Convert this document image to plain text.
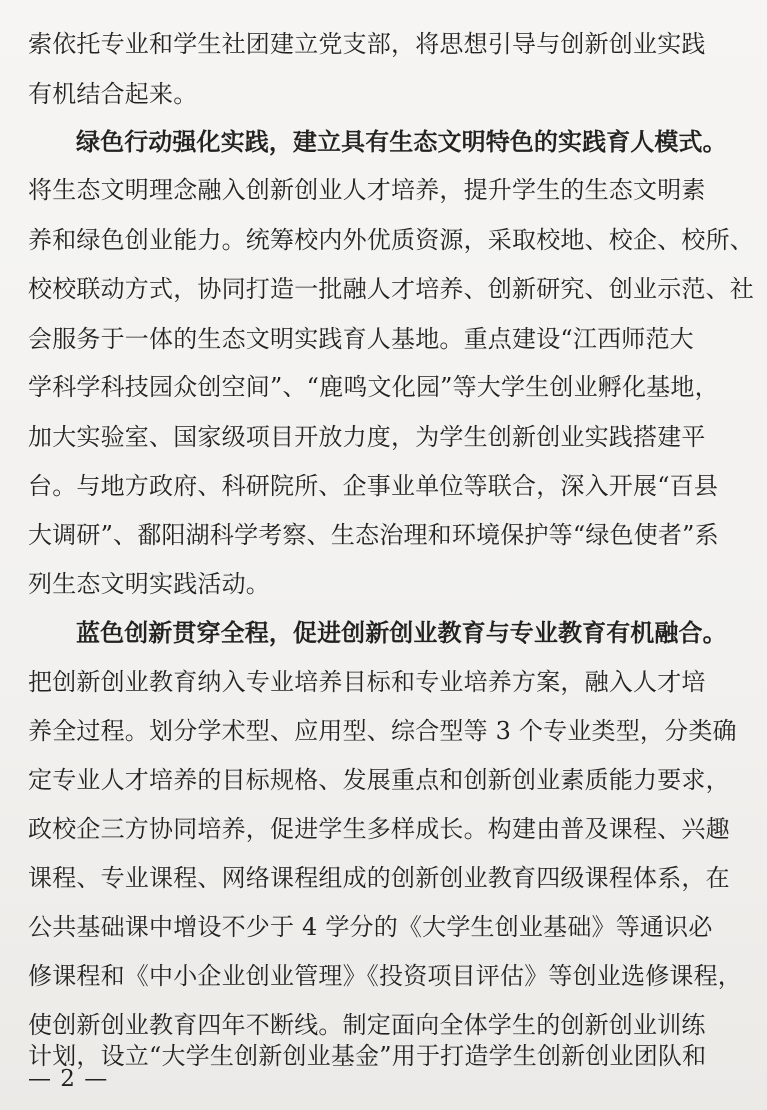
索依托专业和学生社团建立党支部，将思想引导与创新创业实践
有机结合起来。
绿色行动强化实践，建立具有生态文明特色的实践育人模式。
将生态文明理念融入创新创业人才培养，提升学生的生态文明素
养和绿色创业能力。统筹校内外优质资源，采取校地、校企、校所、
校校联动方式，协同打造一批融人才培养、创新研究、创业示范、社
会服务于一体的生态文明实践育人基地。重点建设“江西师范大
学科学科技园众创空间”、“鹿鸣文化园”等大学生创业孵化基地，
加大实验室、国家级项目开放力度，为学生创新创业实践搭建平
台。与地方政府、科研院所、企事业单位等联合，深入开展“百县
大调研”、鄱阳湖科学考察、生态治理和环境保护等“绿色使者”系
列生态文明实践活动。
蓝色创新贯穿全程，促进创新创业教育与专业教育有机融合。
把创新创业教育纳入专业培养目标和专业培养方案，融入人才培
养全过程。划分学术型、应用型、综合型等 3 个专业类型，分类确
定专业人才培养的目标规格、发展重点和创新创业素质能力要求，
政校企三方协同培养，促进学生多样成长。构建由普及课程、兴趣
课程、专业课程、网络课程组成的创新创业教育四级课程体系，在
公共基础课中增设不少于 4 学分的《大学生创业基础》等通识必
修课程和《中小企业创业管理》《投资项目评估》等创业选修课程，
使创新创业教育四年不断线。制定面向全体学生的创新创业训练
计划，设立“大学生创新创业基金”用于打造学生创新创业团队和
— 2 —
